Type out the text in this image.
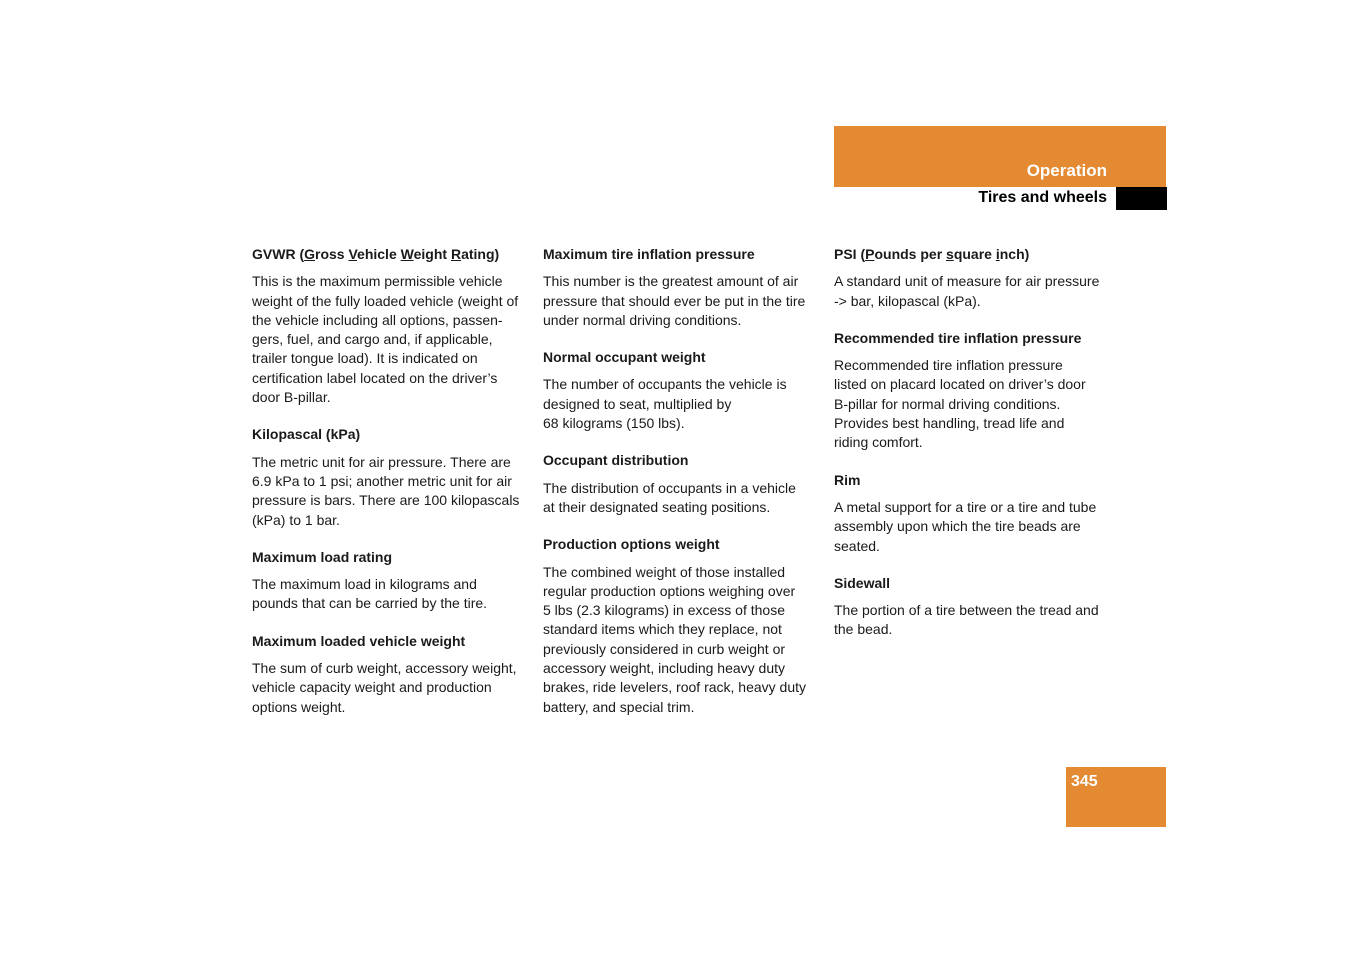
Operation
Tires and wheels
GVWR (Gross Vehicle Weight Rating)
This is the maximum permissible vehicle
weight of the fully loaded vehicle (weight of
the vehicle including all options, passen-
gers, fuel, and cargo and, if applicable,
trailer tongue load). It is indicated on
certification label located on the driver’s
door B-pillar.
Kilopascal (kPa)
The metric unit for air pressure. There are
6.9 kPa to 1 psi; another metric unit for air
pressure is bars. There are 100 kilopascals
(kPa) to 1 bar.
Maximum load rating
The maximum load in kilograms and
pounds that can be carried by the tire.
Maximum loaded vehicle weight
The sum of curb weight, accessory weight,
vehicle capacity weight and production
options weight.
Maximum tire inflation pressure
This number is the greatest amount of air
pressure that should ever be put in the tire
under normal driving conditions.
Normal occupant weight
The number of occupants the vehicle is
designed to seat, multiplied by
68 kilograms (150 lbs).
Occupant distribution
The distribution of occupants in a vehicle
at their designated seating positions.
Production options weight
The combined weight of those installed
regular production options weighing over
5 lbs (2.3 kilograms) in excess of those
standard items which they replace, not
previously considered in curb weight or
accessory weight, including heavy duty
brakes, ride levelers, roof rack, heavy duty
battery, and special trim.
PSI (Pounds per square inch)
A standard unit of measure for air pressure
-> bar, kilopascal (kPa).
Recommended tire inflation pressure
Recommended tire inflation pressure
listed on placard located on driver’s door
B-pillar for normal driving conditions.
Provides best handling, tread life and
riding comfort.
Rim
A metal support for a tire or a tire and tube
assembly upon which the tire beads are
seated.
Sidewall
The portion of a tire between the tread and
the bead.
345
